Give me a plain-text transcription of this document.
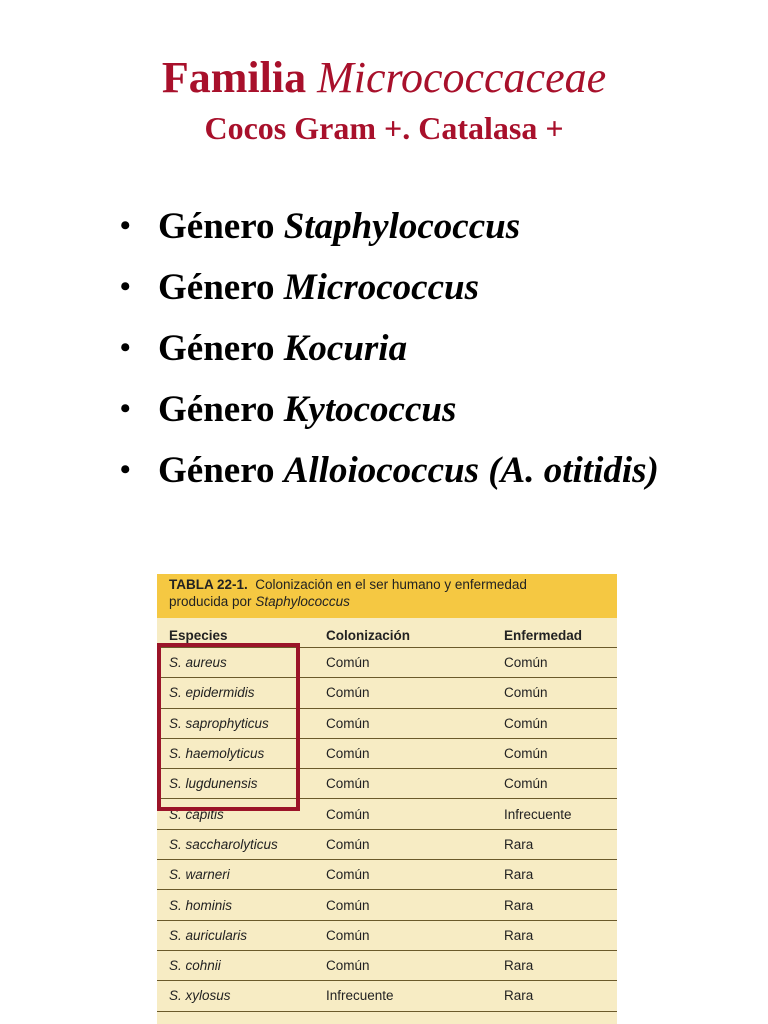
Familia Micrococcaceae
Cocos Gram +. Catalasa +
• Género Staphylococcus
• Género Micrococcus
• Género Kocuria
• Género Kytococcus
• Género Alloiococcus (A. otitidis)
TABLA 22-1. Colonización en el ser humano y enfermedad
producida por Staphylococcus
Especies	Colonización	Enfermedad
S. aureus	Común	Común
S. epidermidis	Común	Común
S. saprophyticus	Común	Común
S. haemolyticus	Común	Común
S. lugdunensis	Común	Común
S. capitis	Común	Infrecuente
S. saccharolyticus	Común	Rara
S. warneri	Común	Rara
S. hominis	Común	Rara
S. auricularis	Común	Rara
S. cohnii	Común	Rara
S. xylosus	Infrecuente	Rara
